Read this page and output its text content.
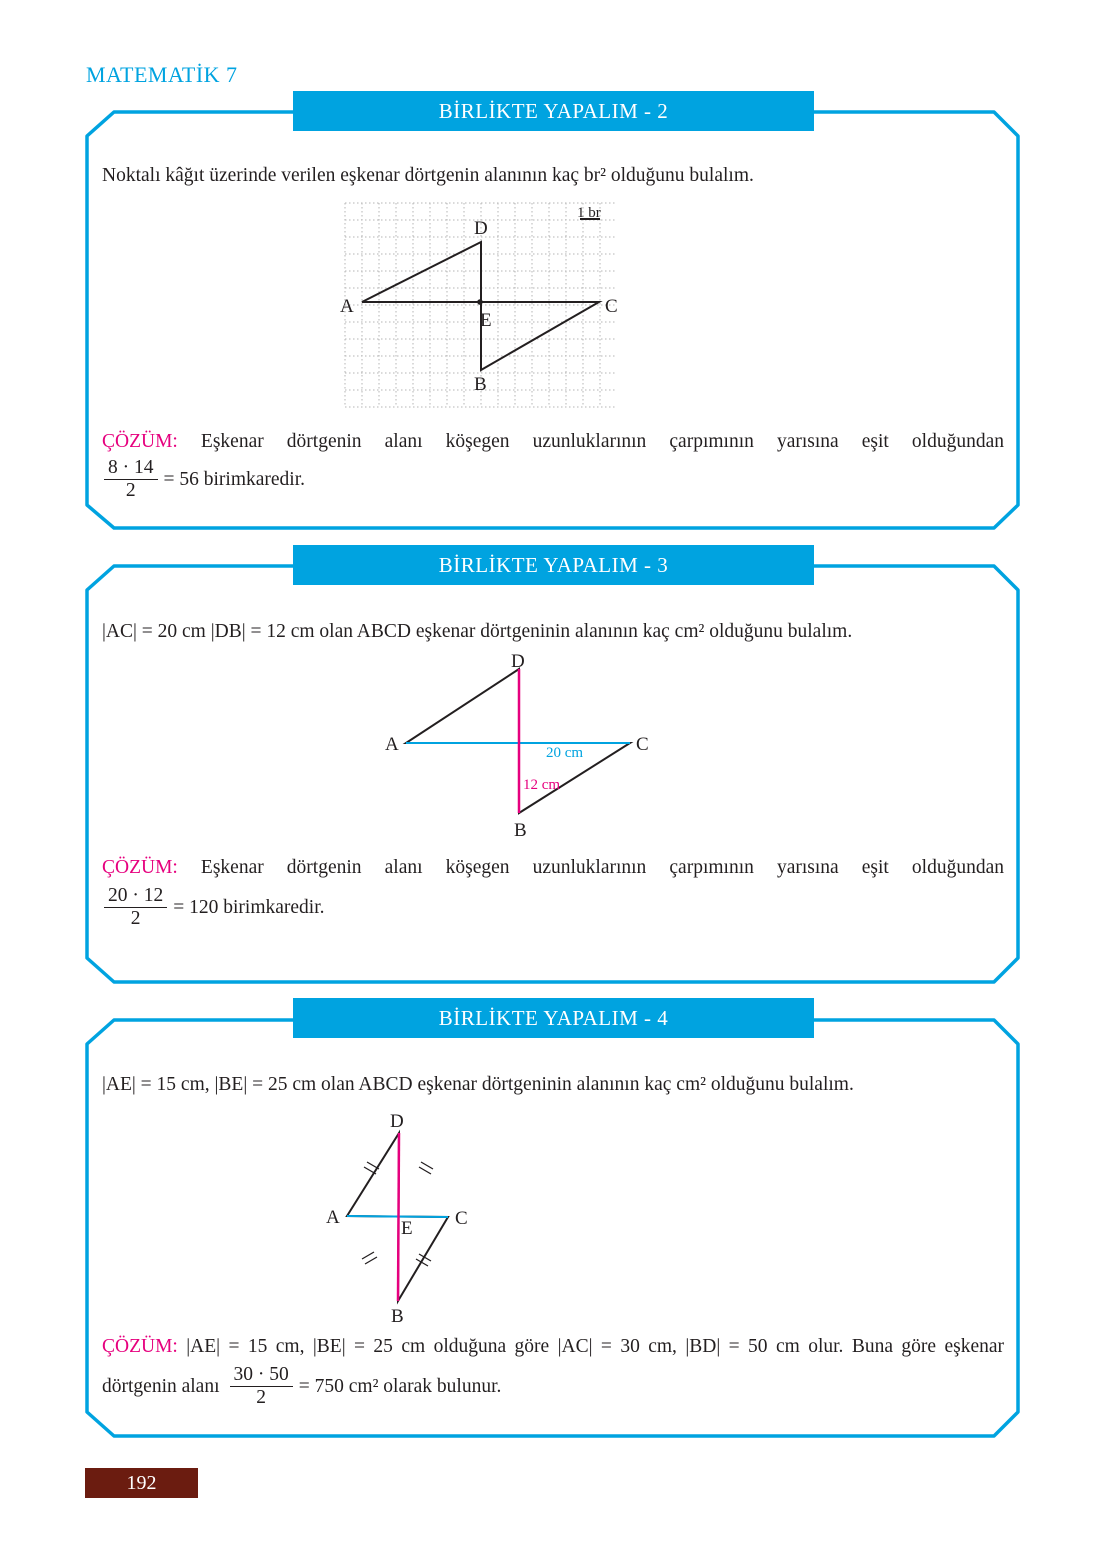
MATEMATİK 7
BİRLİKTE YAPALIM - 2
Noktalı kâğıt üzerinde verilen eşkenar dörtgenin alanının kaç br² olduğunu bulalım.
1 br
D
A	C
B
E
ÇÖZÜM: Eşkenar dörtgenin alanı köşegen uzunluklarının çarpımının yarısına eşit olduğundan
$\frac{8 \cdot 14}{2} = 56$ birimkaredir.
BİRLİKTE YAPALIM - 3
|AC| = 20 cm |DB| = 12 cm olan ABCD eşkenar dörtgeninin alanının kaç cm² olduğunu bulalım.
D
A	C
B
20 cm
12 cm
ÇÖZÜM: Eşkenar dörtgenin alanı köşegen uzunluklarının çarpımının yarısına eşit olduğundan
$\frac{20 \cdot 12}{2} = 120$ birimkaredir.
BİRLİKTE YAPALIM - 4
|AE| = 15 cm, |BE| = 25 cm olan ABCD eşkenar dörtgeninin alanının kaç cm² olduğunu bulalım.
D
A	C
B
E
ÇÖZÜM: |AE| = 15 cm, |BE| = 25 cm olduğuna göre |AC| = 30 cm, |BD| = 50 cm olur. Buna göre eşkenar
dörtgenin alanı $\frac{30 \cdot 50}{2} = 750$ cm² olarak bulunur.
192
